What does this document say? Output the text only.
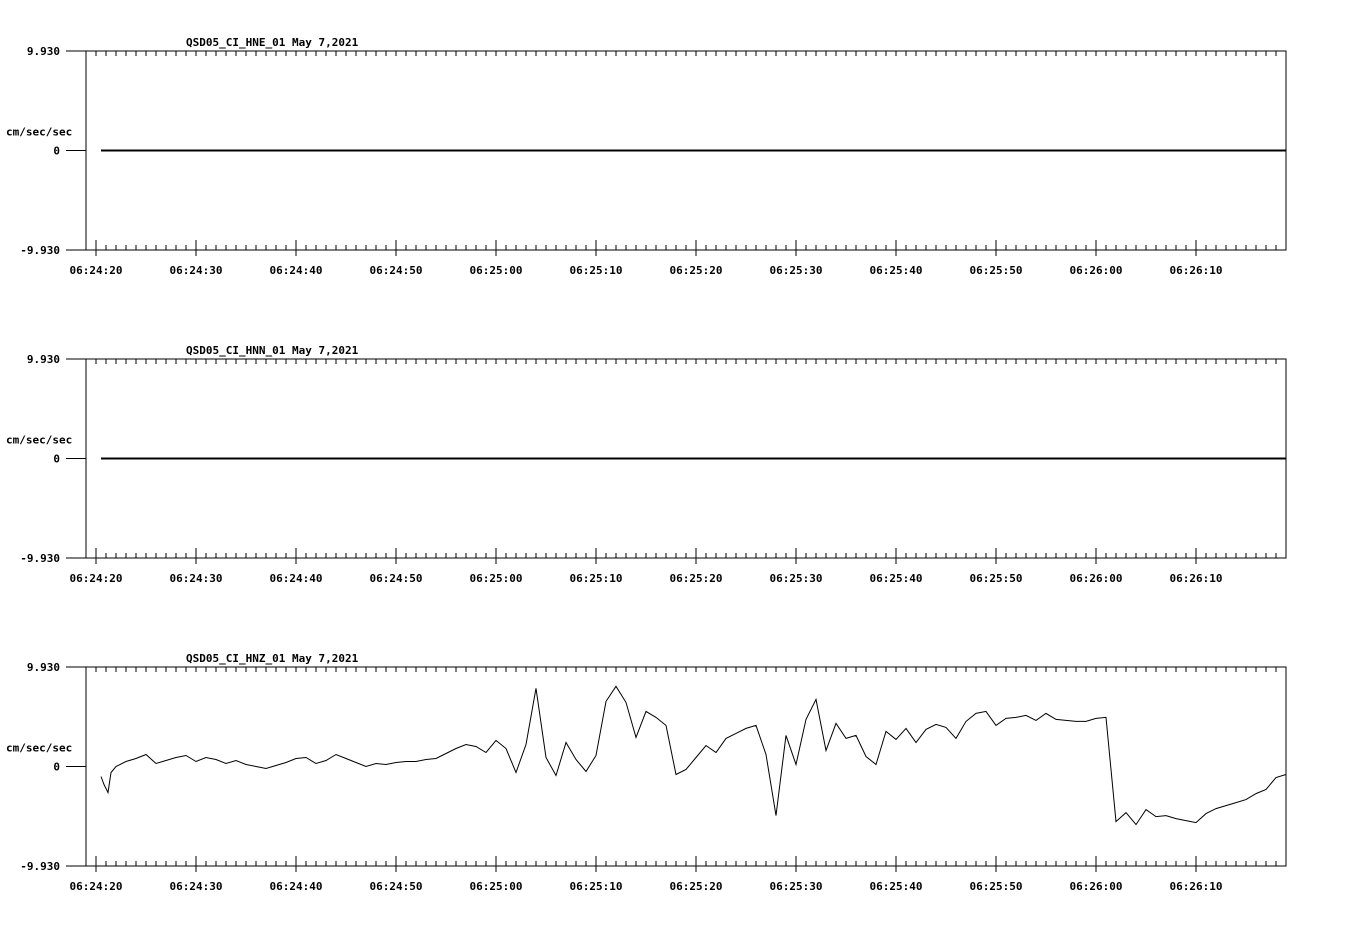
QSD05_CI_HNE_01 May 7,2021
cm/sec/sec
9.930
0
-9.930
06:24:20	06:24:30	06:24:40	06:24:50	06:25:00	06:25:10	06:25:20	06:25:30	06:25:40	06:25:50	06:26:00	06:26:10
QSD05_CI_HNN_01 May 7,2021
cm/sec/sec
9.930
0
-9.930
06:24:20	06:24:30	06:24:40	06:24:50	06:25:00	06:25:10	06:25:20	06:25:30	06:25:40	06:25:50	06:26:00	06:26:10
QSD05_CI_HNZ_01 May 7,2021
cm/sec/sec
9.930
0
-9.930
06:24:20	06:24:30	06:24:40	06:24:50	06:25:00	06:25:10	06:25:20	06:25:30	06:25:40	06:25:50	06:26:00	06:26:10
